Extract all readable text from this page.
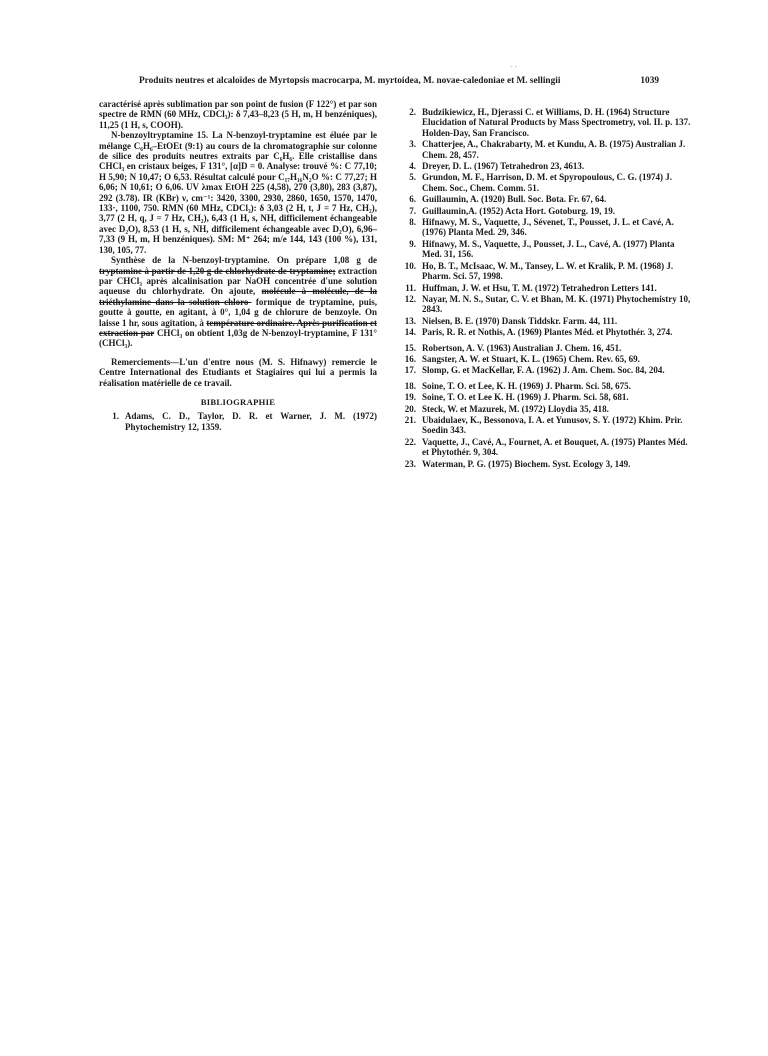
- -
Produits neutres et alcaloïdes de Myrtopsis macrocarpa, M. myrtoidea, M. novae-caledoniae et M. sellingii	1039

caractérisé après sublimation par son point de fusion (F 122°) et par son spectre de RMN (60 MHz, CDCl₃): δ 7,43–8,23 (5 H, m, H benzéniques), 11,25 (1 H, s, COOH).

N-benzoyltryptamine 15. La N-benzoyl-tryptamine est éluée par le mélange C₆H₆–EtOEt (9:1) au cours de la chromatographie sur colonne de silice des produits neutres extraits par C₆H₆. Elle cristallise dans CHCl₃ en cristaux beiges, F 131°, [α]D = 0. Analyse: trouvé %: C 77,10; H 5,90; N 10,47; O 6,53. Résultat calculé pour C₁₇H₁₆N₂O %: C 77,27; H 6,06; N 10,61; O 6,06. UV λmax EtOH 225 (4,58), 270 (3,80), 283 (3,87), 292 (3.78). IR (KBr) ν, cm⁻¹: 3420, 3300, 2930, 2860, 1650, 1570, 1470, 133·, 1100, 750. RMN (60 MHz, CDCl₃): δ 3,03 (2 H, t, J = 7 Hz, CH₂), 3,77 (2 H, q, J = 7 Hz, CH₂), 6,43 (1 H, s, NH, difficilement échangeable avec D₂O), 8,53 (1 H, s, NH, difficilement échangeable avec D₂O), 6,96–7,33 (9 H, m, H benzéniques). SM: M⁺ 264; m/e 144, 143 (100 %), 131, 130, 105, 77.

Synthèse de la N-benzoyl-tryptamine. On prépare 1,08 g de tryptamine à partir de 1,20 g de chlorhydrate de tryptamine; extraction par CHCl₃ après alcalinisation par NaOH concentrée d'une solution aqueuse du chlorhydrate. On ajoute, molécule à molécule, de la triéthylamine dans la solution chloro- formique de tryptamine, puis, goutte à goutte, en agitant, à 0°, 1,04 g de chlorure de benzoyle. On laisse 1 hr, sous agitation, à température ordinaire. Après purification et extraction par CHCl₃ on obtient 1,03g de N-benzoyl-tryptamine, F 131° (CHCl₃).

Remerciements—L'un d'entre nous (M. S. Hifnawy) remercie le Centre International des Etudiants et Stagiaires qui lui a permis la réalisation matérielle de ce travail.

BIBLIOGRAPHIE
1. Adams, C. D., Taylor, D. R. et Warner, J. M. (1972) Phytochemistry 12, 1359.
2. Budzikiewicz, H., Djerassi C. et Williams, D. H. (1964) Structure Elucidation of Natural Products by Mass Spectrometry, vol. II. p. 137. Holden-Day, San Francisco.
3. Chatterjee, A., Chakrabarty, M. et Kundu, A. B. (1975) Australian J. Chem. 28, 457.
4. Dreyer, D. L. (1967) Tetrahedron 23, 4613.
5. Grundon, M. F., Harrison, D. M. et Spyropoulous, C. G. (1974) J. Chem. Soc., Chem. Comm. 51.
6. Guillaumin, A. (1920) Bull. Soc. Bota. Fr. 67, 64.
7. Guillaumin,A. (1952) Acta Hort. Gotoburg. 19, 19.
8. Hifnawy, M. S., Vaquette, J., Sévenet, T., Pousset, J. L. et Cavé, A. (1976) Planta Med. 29, 346.
9. Hifnawy, M. S., Vaquette, J., Pousset, J. L., Cavé, A. (1977) Planta Med. 31, 156.
10. Ho, B. T., McIsaac, W. M., Tansey, L. W. et Kralik, P. M. (1968) J. Pharm. Sci. 57, 1998.
11. Huffman, J. W. et Hsu, T. M. (1972) Tetrahedron Letters 141.
12. Nayar, M. N. S., Sutar, C. V. et Bhan, M. K. (1971) Phytochemistry 10, 2843.
13. Nielsen, B. E. (1970) Dansk Tiddskr. Farm. 44, 111.
14. Paris, R. R. et Nothis, A. (1969) Plantes Méd. et Phytothér. 3, 274.
15. Robertson, A. V. (1963) Australian J. Chem. 16, 451.
16. Sangster, A. W. et Stuart, K. L. (1965) Chem. Rev. 65, 69.
17. Slomp, G. et MacKellar, F. A. (1962) J. Am. Chem. Soc. 84, 204.
18. Soine, T. O. et Lee, K. H. (1969) J. Pharm. Sci. 58, 675.
19. Soine, T. O. et Lee K. H. (1969) J. Pharm. Sci. 58, 681.
20. Steck, W. et Mazurek, M. (1972) Lloydia 35, 418.
21. Ubaidulaev, K., Bessonova, I. A. et Yunusov, S. Y. (1972) Khim. Prir. Soedin 343.
22. Vaquette, J., Cavé, A., Fournet, A. et Bouquet, A. (1975) Plantes Méd. et Phytothér. 9, 304.
23. Waterman, P. G. (1975) Biochem. Syst. Ecology 3, 149.
